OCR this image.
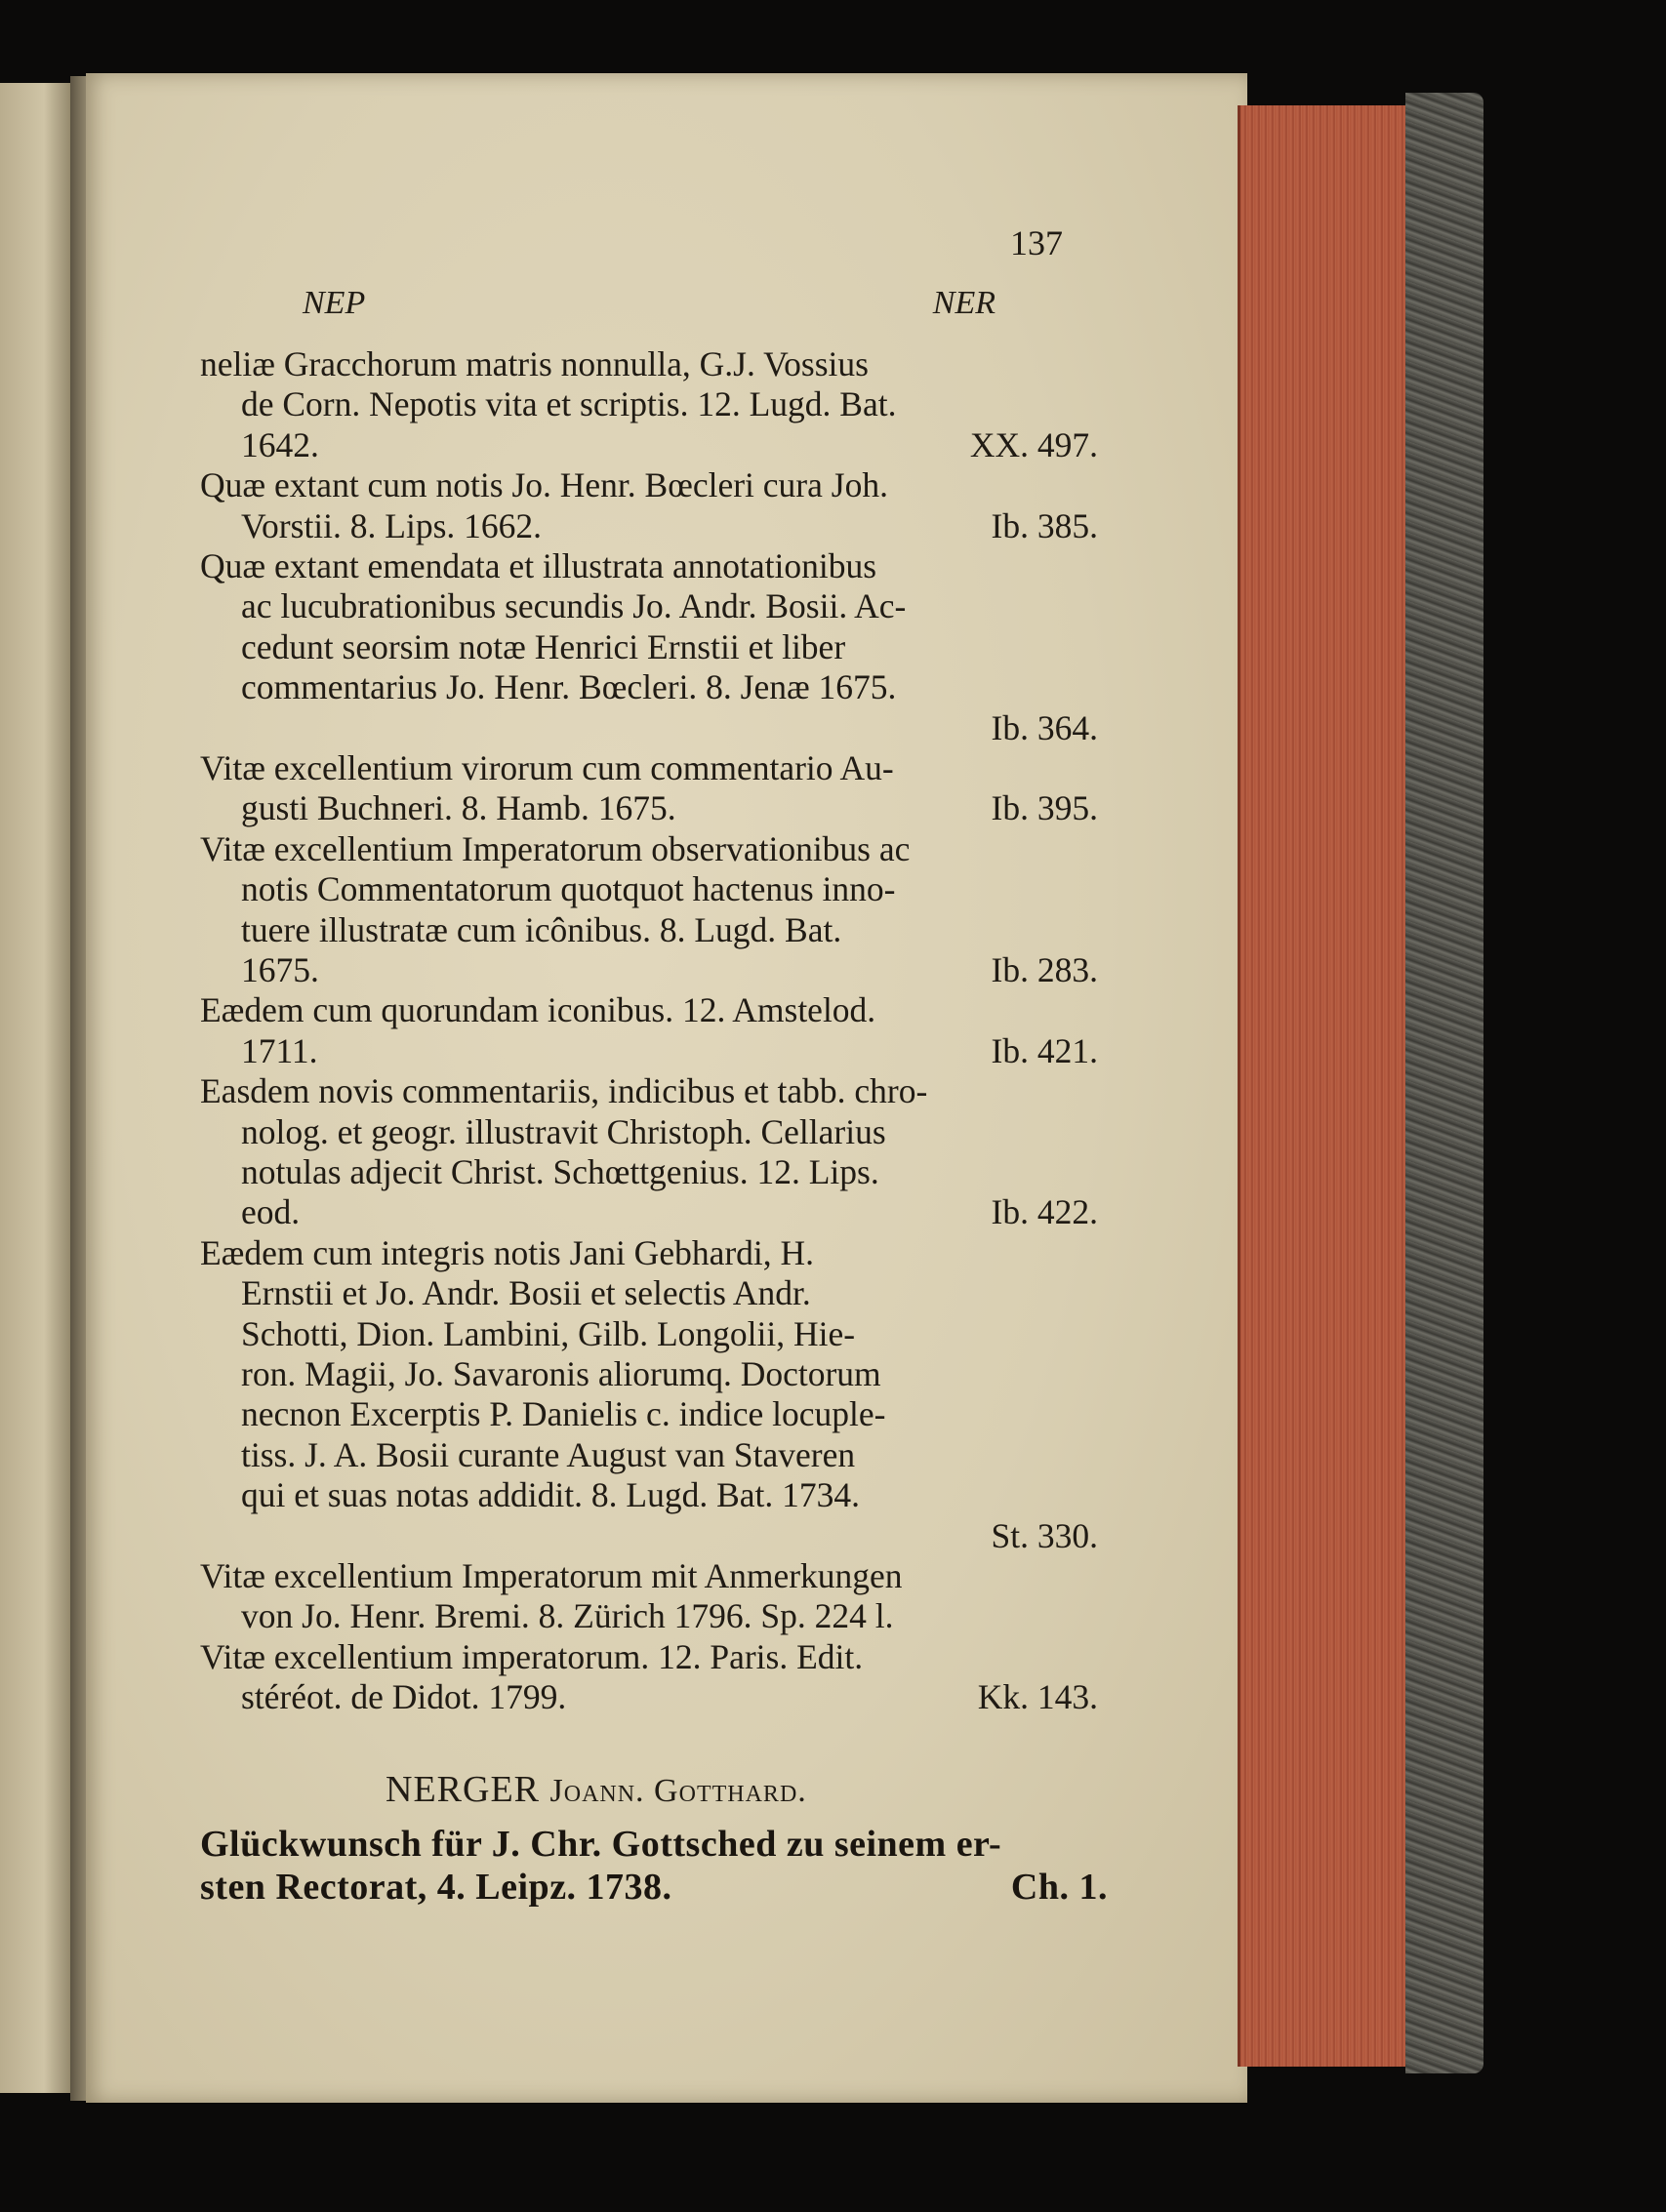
137
NEP	NER
neliæ Gracchorum matris nonnulla, G.J. Vossius
de Corn. Nepotis vita et scriptis. 12. Lugd. Bat.
1642.	XX. 497.
Quæ extant cum notis Jo. Henr. Bœcleri cura Joh.
Vorstii. 8. Lips. 1662.	Ib. 385.
Quæ extant emendata et illustrata annotationibus
ac lucubrationibus secundis Jo. Andr. Bosii. Ac-
cedunt seorsim notæ Henrici Ernstii et liber
commentarius Jo. Henr. Bœcleri. 8. Jenæ 1675.
Ib. 364.
Vitæ excellentium virorum cum commentario Au-
gusti Buchneri. 8. Hamb. 1675.	Ib. 395.
Vitæ excellentium Imperatorum observationibus ac
notis Commentatorum quotquot hactenus inno-
tuere illustratæ cum icônibus. 8. Lugd. Bat.
1675.	Ib. 283.
Eædem cum quorundam iconibus. 12. Amstelod.
1711.	Ib. 421.
Easdem novis commentariis, indicibus et tabb. chro-
nolog. et geogr. illustravit Christoph. Cellarius
notulas adjecit Christ. Schœttgenius. 12. Lips.
eod.	Ib. 422.
Eædem cum integris notis Jani Gebhardi, H.
Ernstii et Jo. Andr. Bosii et selectis Andr.
Schotti, Dion. Lambini, Gilb. Longolii, Hie-
ron. Magii, Jo. Savaronis aliorumq. Doctorum
necnon Excerptis P. Danielis c. indice locuple-
tiss. J. A. Bosii curante August van Staveren
qui et suas notas addidit. 8. Lugd. Bat. 1734.
St. 330.
Vitæ excellentium Imperatorum mit Anmerkungen
von Jo. Henr. Bremi. 8. Zürich 1796. Sp. 224 l.
Vitæ excellentium imperatorum. 12. Paris. Edit.
stéréot. de Didot. 1799.	Kk. 143.
NERGER Joann. Gotthard.
Glückwunsch für J. Chr. Gottsched zu seinem er-
sten Rectorat, 4. Leipz. 1738.	Ch. 1.
